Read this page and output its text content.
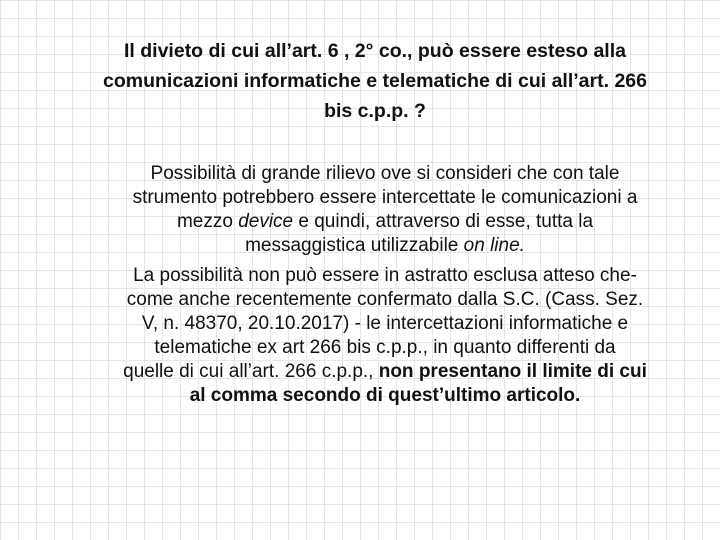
Il divieto di cui all’art. 6 , 2° co., può essere esteso alla
comunicazioni informatiche e telematiche di cui all’art. 266
bis c.p.p. ?
Possibilità di grande rilievo ove si consideri che con tale
strumento potrebbero essere intercettate le comunicazioni a
mezzo device e quindi, attraverso di esse, tutta la
messaggistica utilizzabile on line.
La possibilità non può essere in astratto esclusa atteso che-
come anche recentemente confermato dalla S.C. (Cass. Sez.
V, n. 48370, 20.10.2017) - le intercettazioni informatiche e
telematiche ex art 266 bis c.p.p., in quanto differenti da
quelle di cui all’art. 266 c.p.p., non presentano il limite di cui
al comma secondo di quest’ultimo articolo.
